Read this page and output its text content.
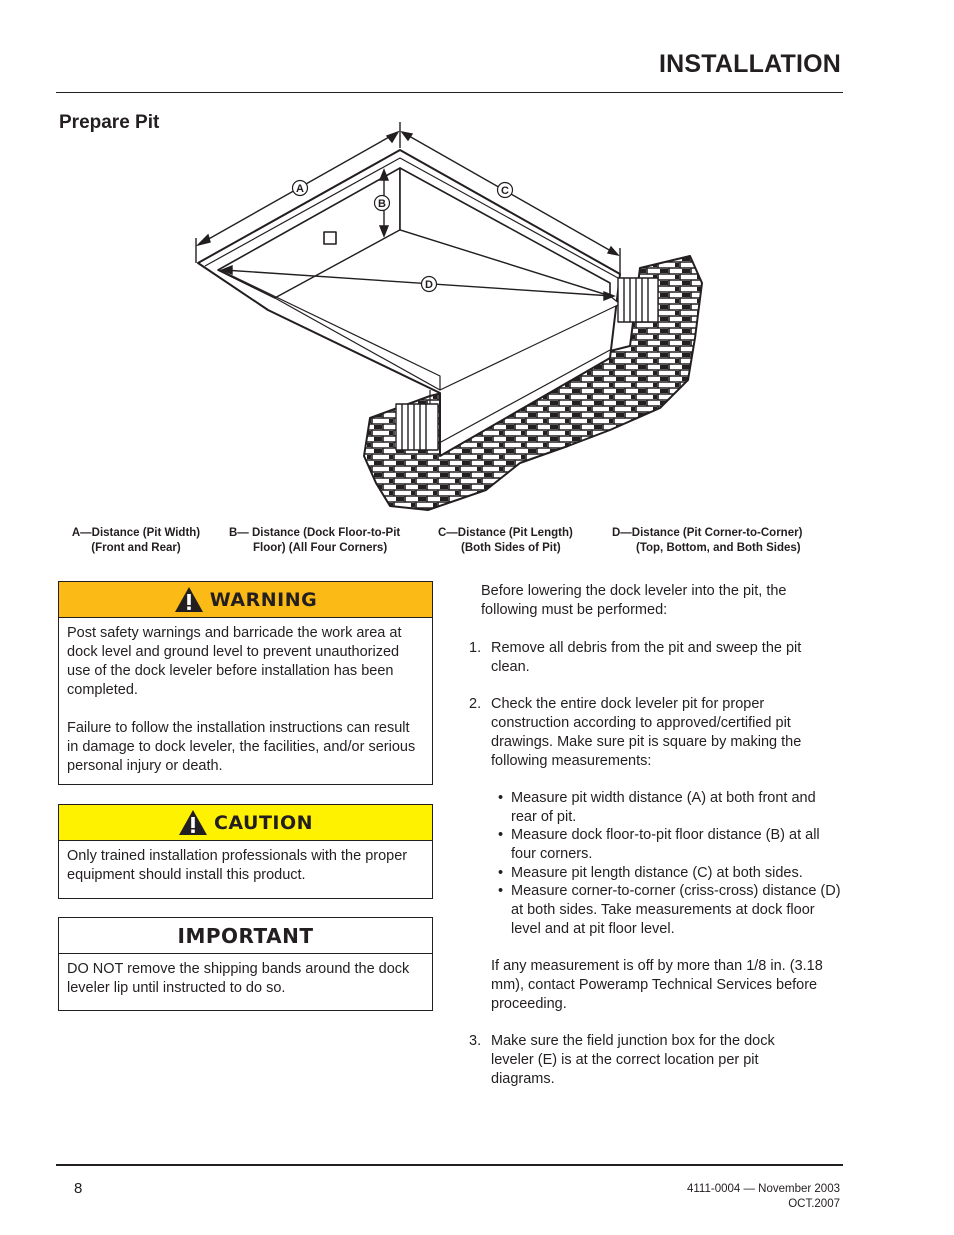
INSTALLATION
Prepare Pit
A
B
C
D
A—Distance (Pit Width)
(Front and Rear)
B— Distance (Dock Floor-to-Pit
Floor) (All Four Corners)
C—Distance (Pit Length)
(Both Sides of Pit)
D—Distance (Pit Corner-to-Corner)
(Top, Bottom, and Both Sides)
WARNING

Post safety warnings and barricade the work area at dock level and ground level to prevent unauthorized use of the dock leveler before installation has been completed.

Failure to follow the installation instructions can result in damage to dock leveler, the facilities, and/or serious personal injury or death.

CAUTION

Only trained installation professionals with the proper equipment should install this product.

IMPORTANT

DO NOT remove the shipping bands around the dock leveler lip until instructed to do so.

Before lowering the dock leveler into the pit, the following must be performed:
1. Remove all debris from the pit and sweep the pit clean.
2. Check the entire dock leveler pit for proper construction according to approved/certified pit drawings. Make sure pit is square by making the following measurements:
• Measure pit width distance (A) at both front and rear of pit.
• Measure dock floor-to-pit floor distance (B) at all four corners.
• Measure pit length distance (C) at both sides.
• Measure corner-to-corner (criss-cross) distance (D) at both sides. Take measurements at dock floor level and at pit floor level.
If any measurement is off by more than 1/8 in. (3.18 mm), contact Poweramp Technical Services before proceeding.
3. Make sure the field junction box for the dock leveler (E) is at the correct location per pit diagrams.
8	4111-0004 — November 2003
OCT.2007
